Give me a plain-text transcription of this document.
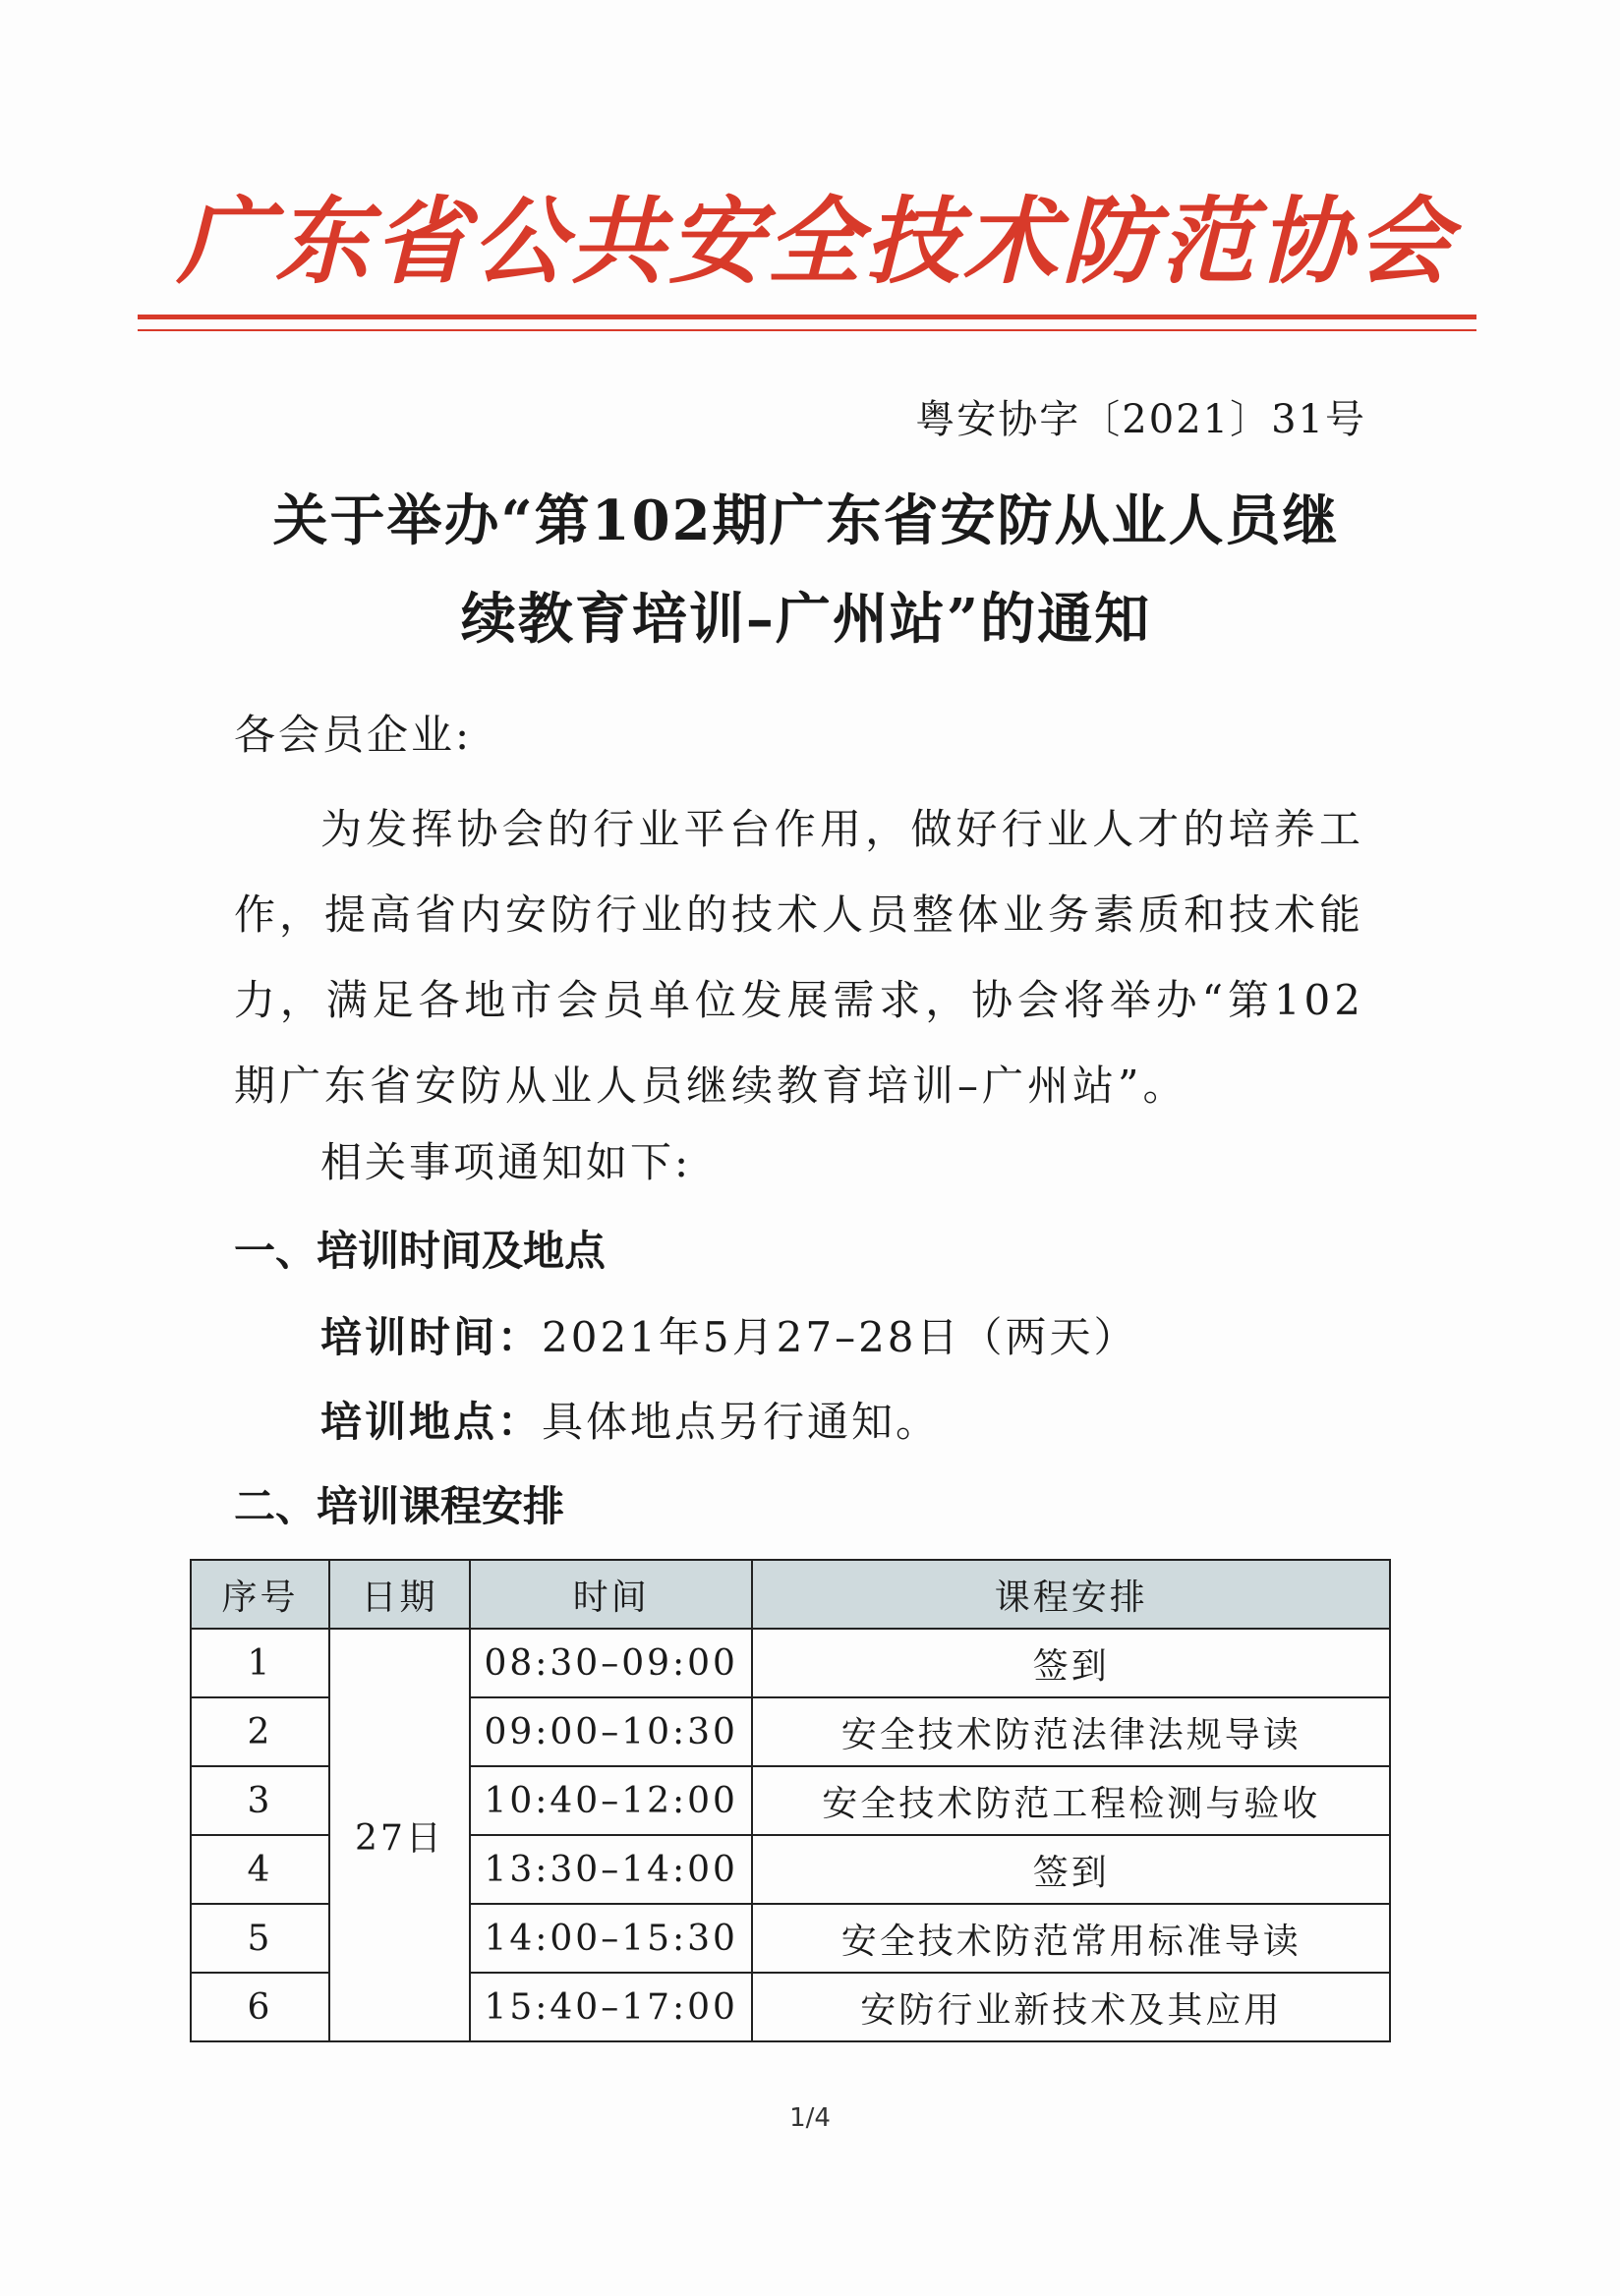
广东省公共安全技术防范协会
粤安协字〔2021〕31号
关于举办“第102期广东省安防从业人员继
续教育培训–广州站”的通知
各会员企业:
为发挥协会的行业平台作用，做好行业人才的培养工作，提高省内安防行业的技术人员整体业务素质和技术能力，满足各地市会员单位发展需求，协会将举办“第102期广东省安防从业人员继续教育培训–广州站”。
相关事项通知如下:
一、培训时间及地点
培训时间：2021年5月27–28日（两天）
培训地点：具体地点另行通知。
二、培训课程安排
序号	日期	时间	课程安排
1	27日	08:30–09:00	签到
2		09:00–10:30	安全技术防范法律法规导读
3		10:40–12:00	安全技术防范工程检测与验收
4		13:30–14:00	签到
5		14:00–15:30	安全技术防范常用标准导读
6		15:40–17:00	安防行业新技术及其应用
1/4
